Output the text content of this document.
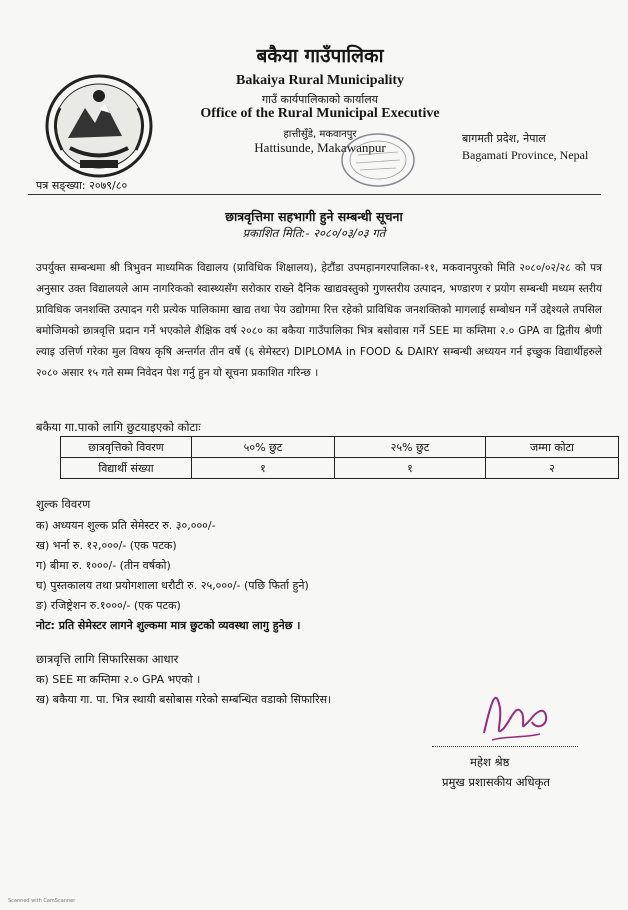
बकैया गाउँपालिका
Bakaiya Rural Municipality
गाउँ कार्यपालिकाको कार्यालय
Office of the Rural Municipal Executive
हात्तीसुँडे, मकवानपुर
Hattisunde, Makawanpur
बागमती प्रदेश, नेपाल
Bagamati Province, Nepal
पत्र सङ्ख्या: २०७९/८०
छात्रवृत्तिमा सहभागी हुने सम्बन्धी सूचना
प्रकाशित मिति:- २०८०/०३/०३ गते
उपर्युक्त सम्बन्धमा श्री त्रिभुवन माध्यमिक विद्यालय (प्राविधिक शिक्षालय), हेटौंडा उपमहानगरपालिका-११, मकवानपुरको मिति २०८०/०२/२८ को पत्र अनुसार उक्त विद्यालयले आम नागरिकको स्वास्थ्यसँग सरोकार राख्ने दैनिक खाद्यवस्तुको गुणस्तरीय उत्पादन, भण्डारण र प्रयोग सम्बन्धी मध्यम स्तरीय प्राविधिक जनशक्ति उत्पादन गरी प्रत्येक पालिकामा खाद्य तथा पेय उद्योगमा रित्त रहेको प्राविधिक जनशक्तिको मागलाई सम्बोधन गर्ने उद्देश्यले तपसिल बमोजिमको छात्रवृत्ति प्रदान गर्ने भएकोले शैक्षिक वर्ष २०८० का बकैया गाउँपालिका भित्र बसोवास गर्ने SEE मा कम्तिमा २.० GPA वा द्वितीय श्रेणी ल्याइ उत्तिर्ण गरेका मुल विषय कृषि अन्तर्गत तीन वर्षे (६ सेमेस्टर) DIPLOMA in FOOD & DAIRY सम्बन्धी अध्ययन गर्न इच्छुक विद्यार्थीहरुले २०८० असार १५ गते सम्म निवेदन पेश गर्नु हुन यो सूचना प्रकाशित गरिन्छ ।
बकैया गा.पाको लागि छुटयाइएको कोटाः
छात्रवृत्तिको विवरण	५०% छुट	२५% छुट	जम्मा कोटा
विद्यार्थी संख्या	१	१	२
शुल्क विवरण
क) अध्ययन शुल्क प्रति सेमेस्टर रु. ३०,०००/-
ख) भर्ना रु. १२,०००/- (एक पटक)
ग) बीमा रु. १०००/- (तीन वर्षको)
घ) पुस्तकालय तथा प्रयोगशाला धरौटी रु. २५,०००/- (पछि फिर्ता हुने)
ङ) रजिष्ट्रेशन रु.१०००/- (एक पटक)
नोट: प्रति सेमेस्टर लागने शुल्कमा मात्र छुटको व्यवस्था लागु हुनेछ ।
छात्रवृत्ति लागि सिफारिसका आधार
क) SEE मा कम्तिमा २.० GPA भएको ।
ख) बकैया गा. पा. भित्र स्थायी बसोबास गरेको सम्बन्धित वडाको सिफारिस।
महेश श्रेष्ठ
प्रमुख प्रशासकीय अधिकृत
Scanned with CamScanner
